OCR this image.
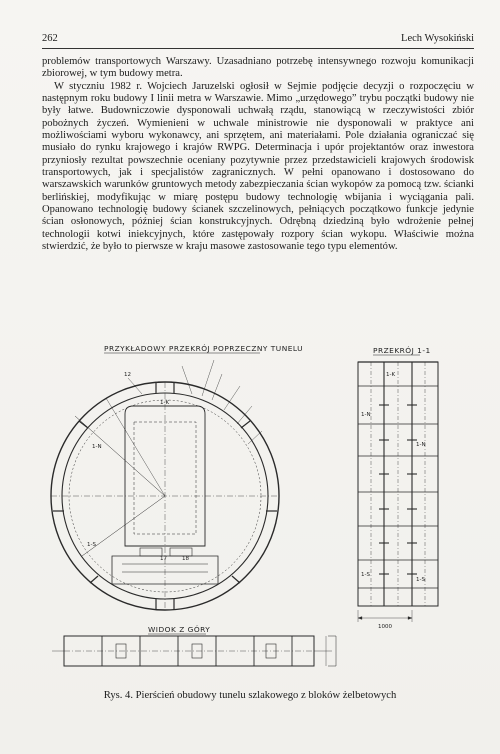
262	Lech Wysokiński

problemów transportowych Warszawy. Uzasadniano potrzebę intensywnego rozwoju komunikacji zbiorowej, w tym budowy metra.

W styczniu 1982 r. Wojciech Jaruzelski ogłosił w Sejmie podjęcie decyzji o rozpoczęciu w następnym roku budowy I linii metra w Warszawie. Mimo „urzędowego” trybu początki budowy nie były łatwe. Budowniczowie dysponowali uchwałą rządu, stanowiącą w rzeczywistości zbiór pobożnych życzeń. Wymienieni w uchwale ministrowie nie dysponowali w praktyce ani możliwościami wyboru wykonawcy, ani sprzętem, ani materiałami. Pole działania ograniczać się musiało do rynku krajowego i krajów RWPG. Determinacja i upór projektantów oraz inwestora przyniosły rezultat powszechnie oceniany pozytywnie przez przedstawicieli krajowych środowisk transportowych, jak i specjalistów zagranicznych. W pełni opanowano i dostosowano do warszawskich warunków gruntowych metody zabezpieczania ścian wykopów za pomocą tzw. ścianki berlińskiej, modyfikując w miarę postępu budowy technologię wbijania i wyciągania pali. Opanowano technologię budowy ścianek szczelinowych, pełniących początkowo funkcje jedynie ścian osłonowych, później ścian konstrukcyjnych. Odrębną dziedziną było wdrożenie pełnej technologii kotwi iniekcyjnych, które zastępowały rozpory ścian wykopu. Właściwie można stwierdzić, że było to pierwsze w kraju masowe zastosowanie tego typu elementów.

PRZYKŁADOWY PRZEKRÓJ POPRZECZNY TUNELU	PRZEKRÓJ 1-1
WIDOK Z GÓRY
1-K
1-N
1-S
12
17	18
1-K
1-N
1-S
1-N
1-S
1000
Rys. 4. Pierścień obudowy tunelu szlakowego z bloków żelbetowych
